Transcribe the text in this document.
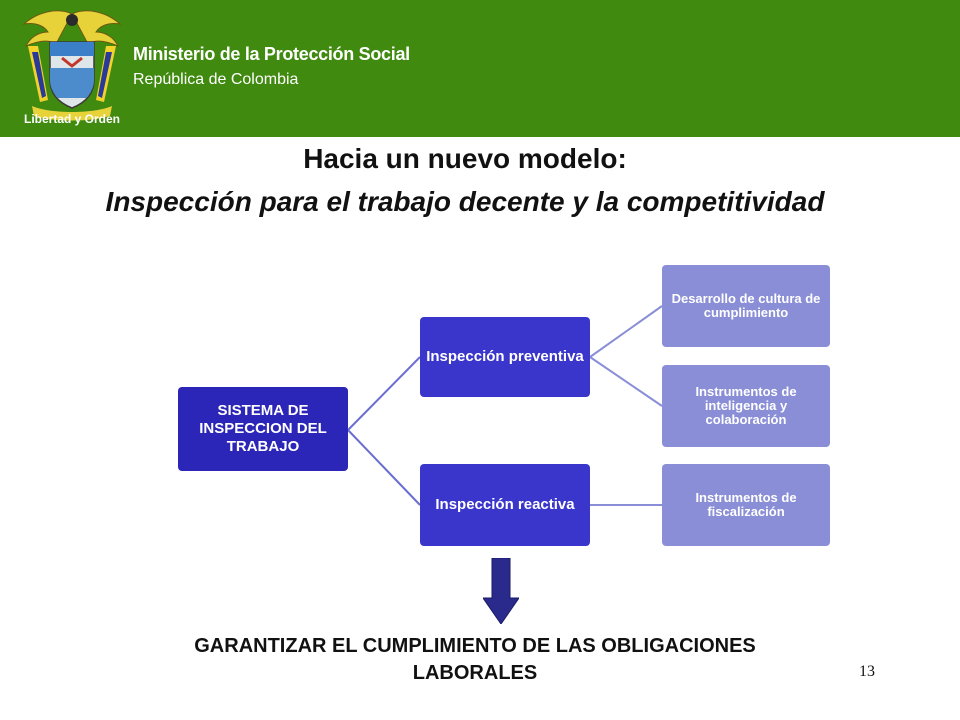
Libertad y Orden
Ministerio de la Protección Social
República de Colombia
Hacia un nuevo modelo:
Inspección para el trabajo decente y la competitividad
SISTEMA DE INSPECCION DEL TRABAJO
Inspección preventiva
Inspección reactiva
Desarrollo de cultura de cumplimiento
Instrumentos de inteligencia y colaboración
Instrumentos de fiscalización
GARANTIZAR EL CUMPLIMIENTO DE LAS OBLIGACIONES LABORALES	13
